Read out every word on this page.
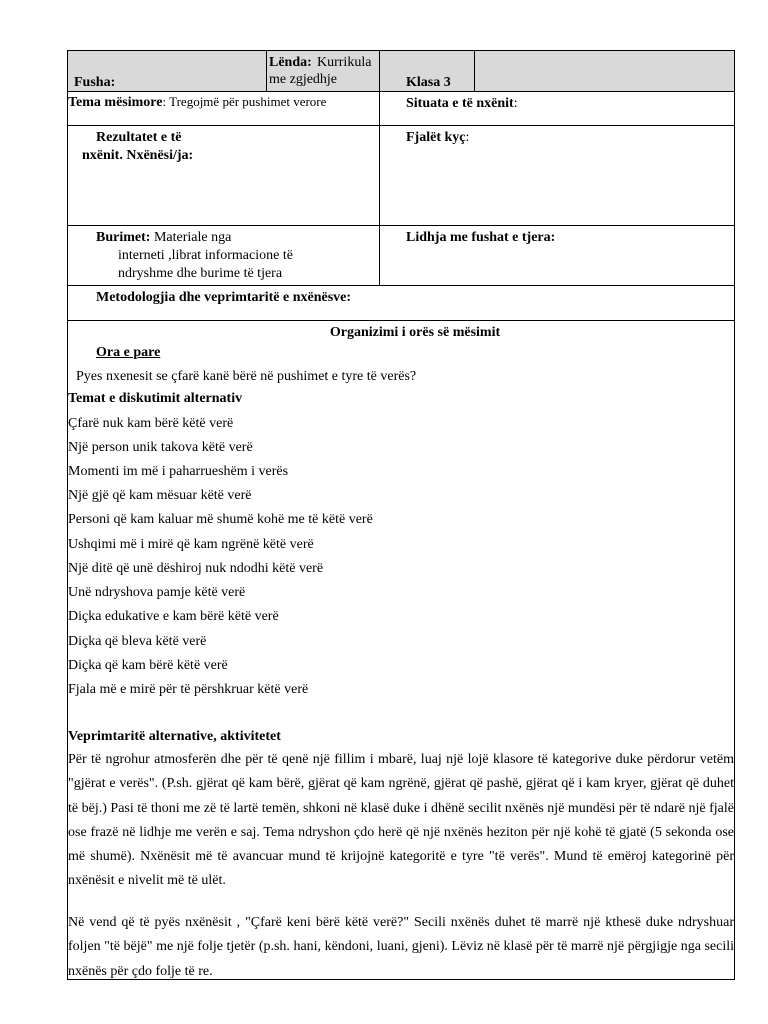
Fusha:
Lënda: Kurrikula
me zgjedhje	Klasa 3
Tema mësimore: Tregojmë për pushimet verore	Situata e të nxënit:
Rezultatet e të
nxënit. Nxënësi/ja:
Fjalët kyç:
Burimet: Materiale nga
interneti ,librat informacione të
ndryshme dhe burime të tjera
Lidhja me fushat e tjera:
Metodologjia dhe veprimtaritë e nxënësve:
Organizimi i orës së mësimit
Ora e pare
Pyes nxenesit se çfarë kanë bërë në pushimet e tyre të verës?
Temat e diskutimit alternativ
Çfarë nuk kam bërë këtë verë
Një person unik takova këtë verë
Momenti im më i paharrueshëm i verës
Një gjë që kam mësuar këtë verë
Personi që kam kaluar më shumë kohë me të këtë verë
Ushqimi më i mirë që kam ngrënë këtë verë
Një ditë që unë dëshiroj nuk ndodhi këtë verë
Unë ndryshova pamje këtë verë
Diçka edukative e kam bërë këtë verë
Diçka që bleva këtë verë
Diçka që kam bërë këtë verë
Fjala më e mirë për të përshkruar këtë verë
Veprimtaritë alternative, aktivitetet
Për të ngrohur atmosferën dhe për të qenë një fillim i mbarë, luaj një lojë klasore të kategorive duke përdorur vetëm "gjërat e verës". (P.sh. gjërat që kam bërë, gjërat që kam ngrënë, gjërat që pashë, gjërat që i kam kryer, gjërat që duhet të bëj.) Pasi të thoni me zë të lartë temën, shkoni në klasë duke i dhënë secilit nxënës një mundësi për të ndarë një fjalë ose frazë në lidhje me verën e saj. Tema ndryshon çdo herë që një nxënës heziton për një kohë të gjatë (5 sekonda ose më shumë). Nxënësit më të avancuar mund të krijojnë kategoritë e tyre "të verës". Mund të emëroj kategorinë për nxënësit e nivelit më të ulët.
Në vend që të pyës nxënësit , "Çfarë keni bërë këtë verë?" Secili nxënës duhet të marrë një kthesë duke ndryshuar foljen "të bëjë" me një folje tjetër (p.sh. hani, këndoni, luani, gjeni). Lëviz në klasë për të marrë një përgjigje nga secili nxënës për çdo folje të re.
